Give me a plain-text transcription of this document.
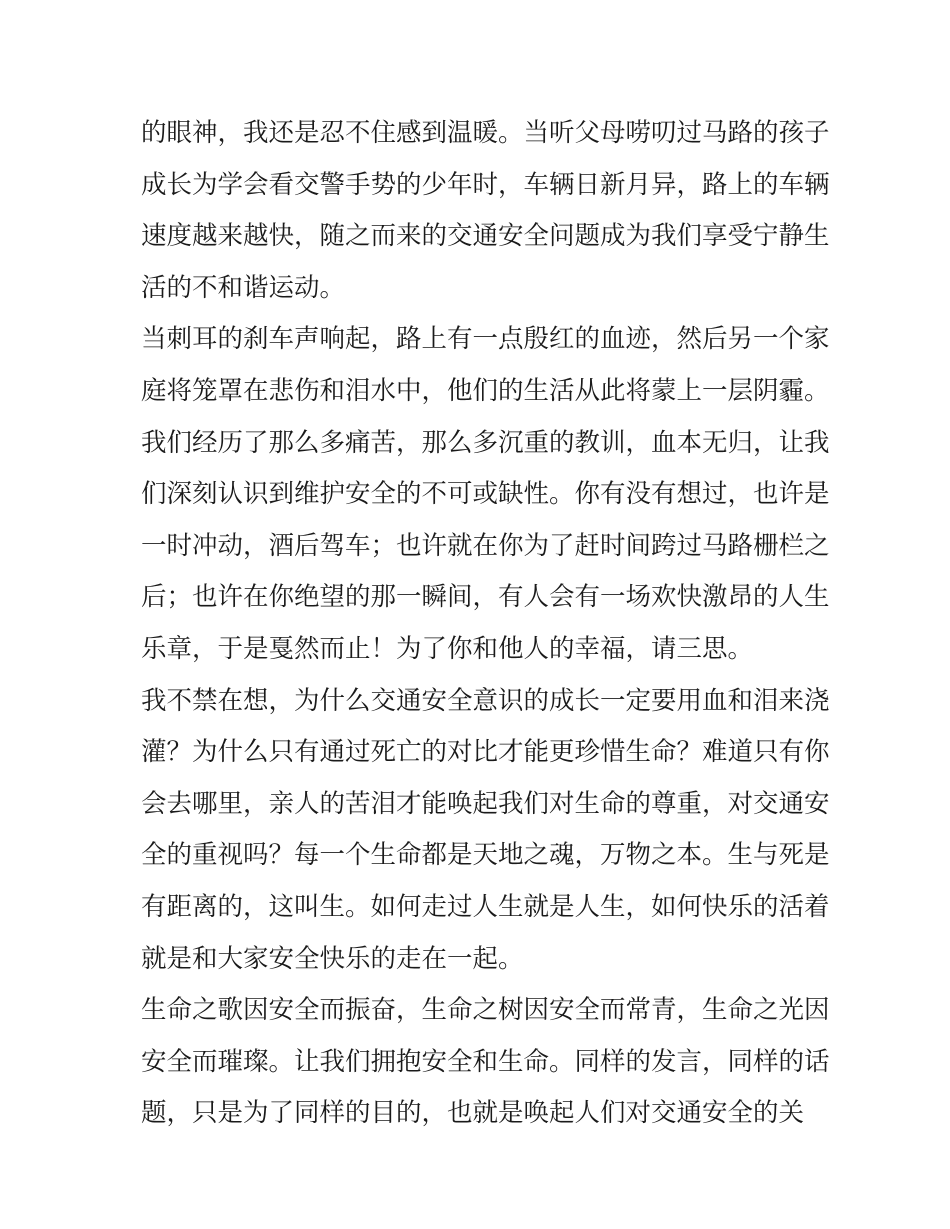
的眼神，我还是忍不住感到温暖。当听父母唠叨过马路的孩子
成长为学会看交警手势的少年时，车辆日新月异，路上的车辆
速度越来越快，随之而来的交通安全问题成为我们享受宁静生
活的不和谐运动。
当刺耳的刹车声响起，路上有一点殷红的血迹，然后另一个家
庭将笼罩在悲伤和泪水中，他们的生活从此将蒙上一层阴霾。
我们经历了那么多痛苦，那么多沉重的教训，血本无归，让我
们深刻认识到维护安全的不可或缺性。你有没有想过，也许是
一时冲动，酒后驾车；也许就在你为了赶时间跨过马路栅栏之
后；也许在你绝望的那一瞬间，有人会有一场欢快激昂的人生
乐章，于是戛然而止！为了你和他人的幸福，请三思。
我不禁在想，为什么交通安全意识的成长一定要用血和泪来浇
灌？为什么只有通过死亡的对比才能更珍惜生命？难道只有你
会去哪里，亲人的苦泪才能唤起我们对生命的尊重，对交通安
全的重视吗？每一个生命都是天地之魂，万物之本。生与死是
有距离的，这叫生。如何走过人生就是人生，如何快乐的活着
就是和大家安全快乐的走在一起。
生命之歌因安全而振奋，生命之树因安全而常青，生命之光因
安全而璀璨。让我们拥抱安全和生命。同样的发言，同样的话
题，只是为了同样的目的，也就是唤起人们对交通安全的关
